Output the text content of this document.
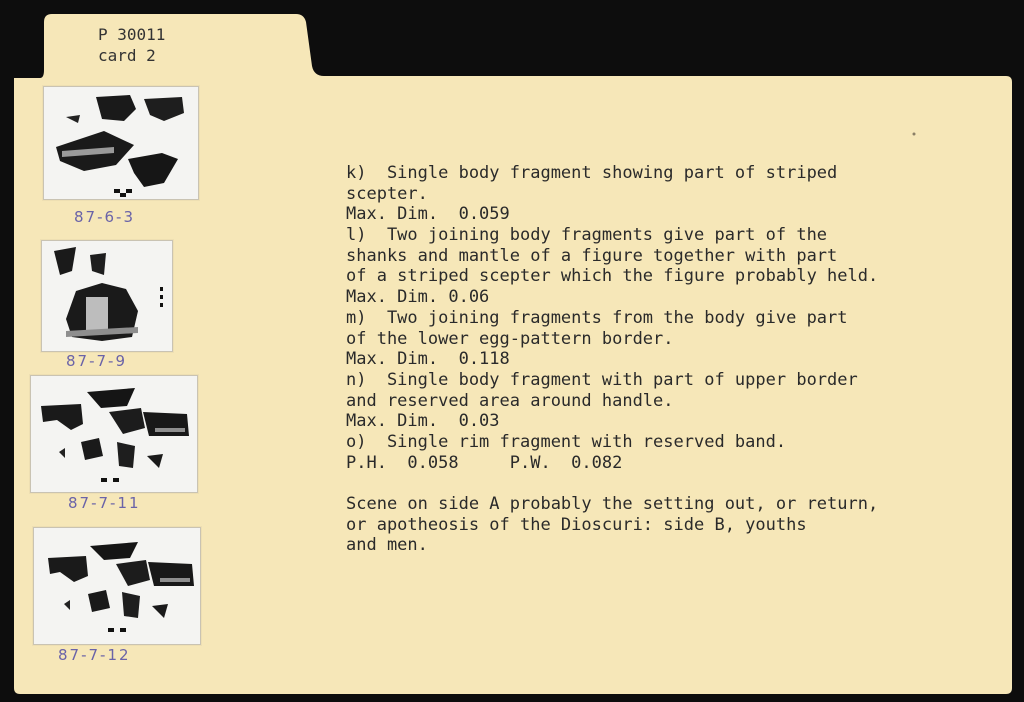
P 30011
card 2
87-6-3
87-7-9
87-7-11
87-7-12
k)  Single body fragment showing part of striped
scepter.
Max. Dim.  0.059
l)  Two joining body fragments give part of the
shanks and mantle of a figure together with part
of a striped scepter which the figure probably held.
Max. Dim. 0.06
m)  Two joining fragments from the body give part
of the lower egg-pattern border.
Max. Dim.  0.118
n)  Single body fragment with part of upper border
and reserved area around handle.
Max. Dim.  0.03
o)  Single rim fragment with reserved band.
P.H.  0.058     P.W.  0.082
Scene on side A probably the setting out, or return,
or apotheosis of the Dioscuri: side B, youths
and men.
